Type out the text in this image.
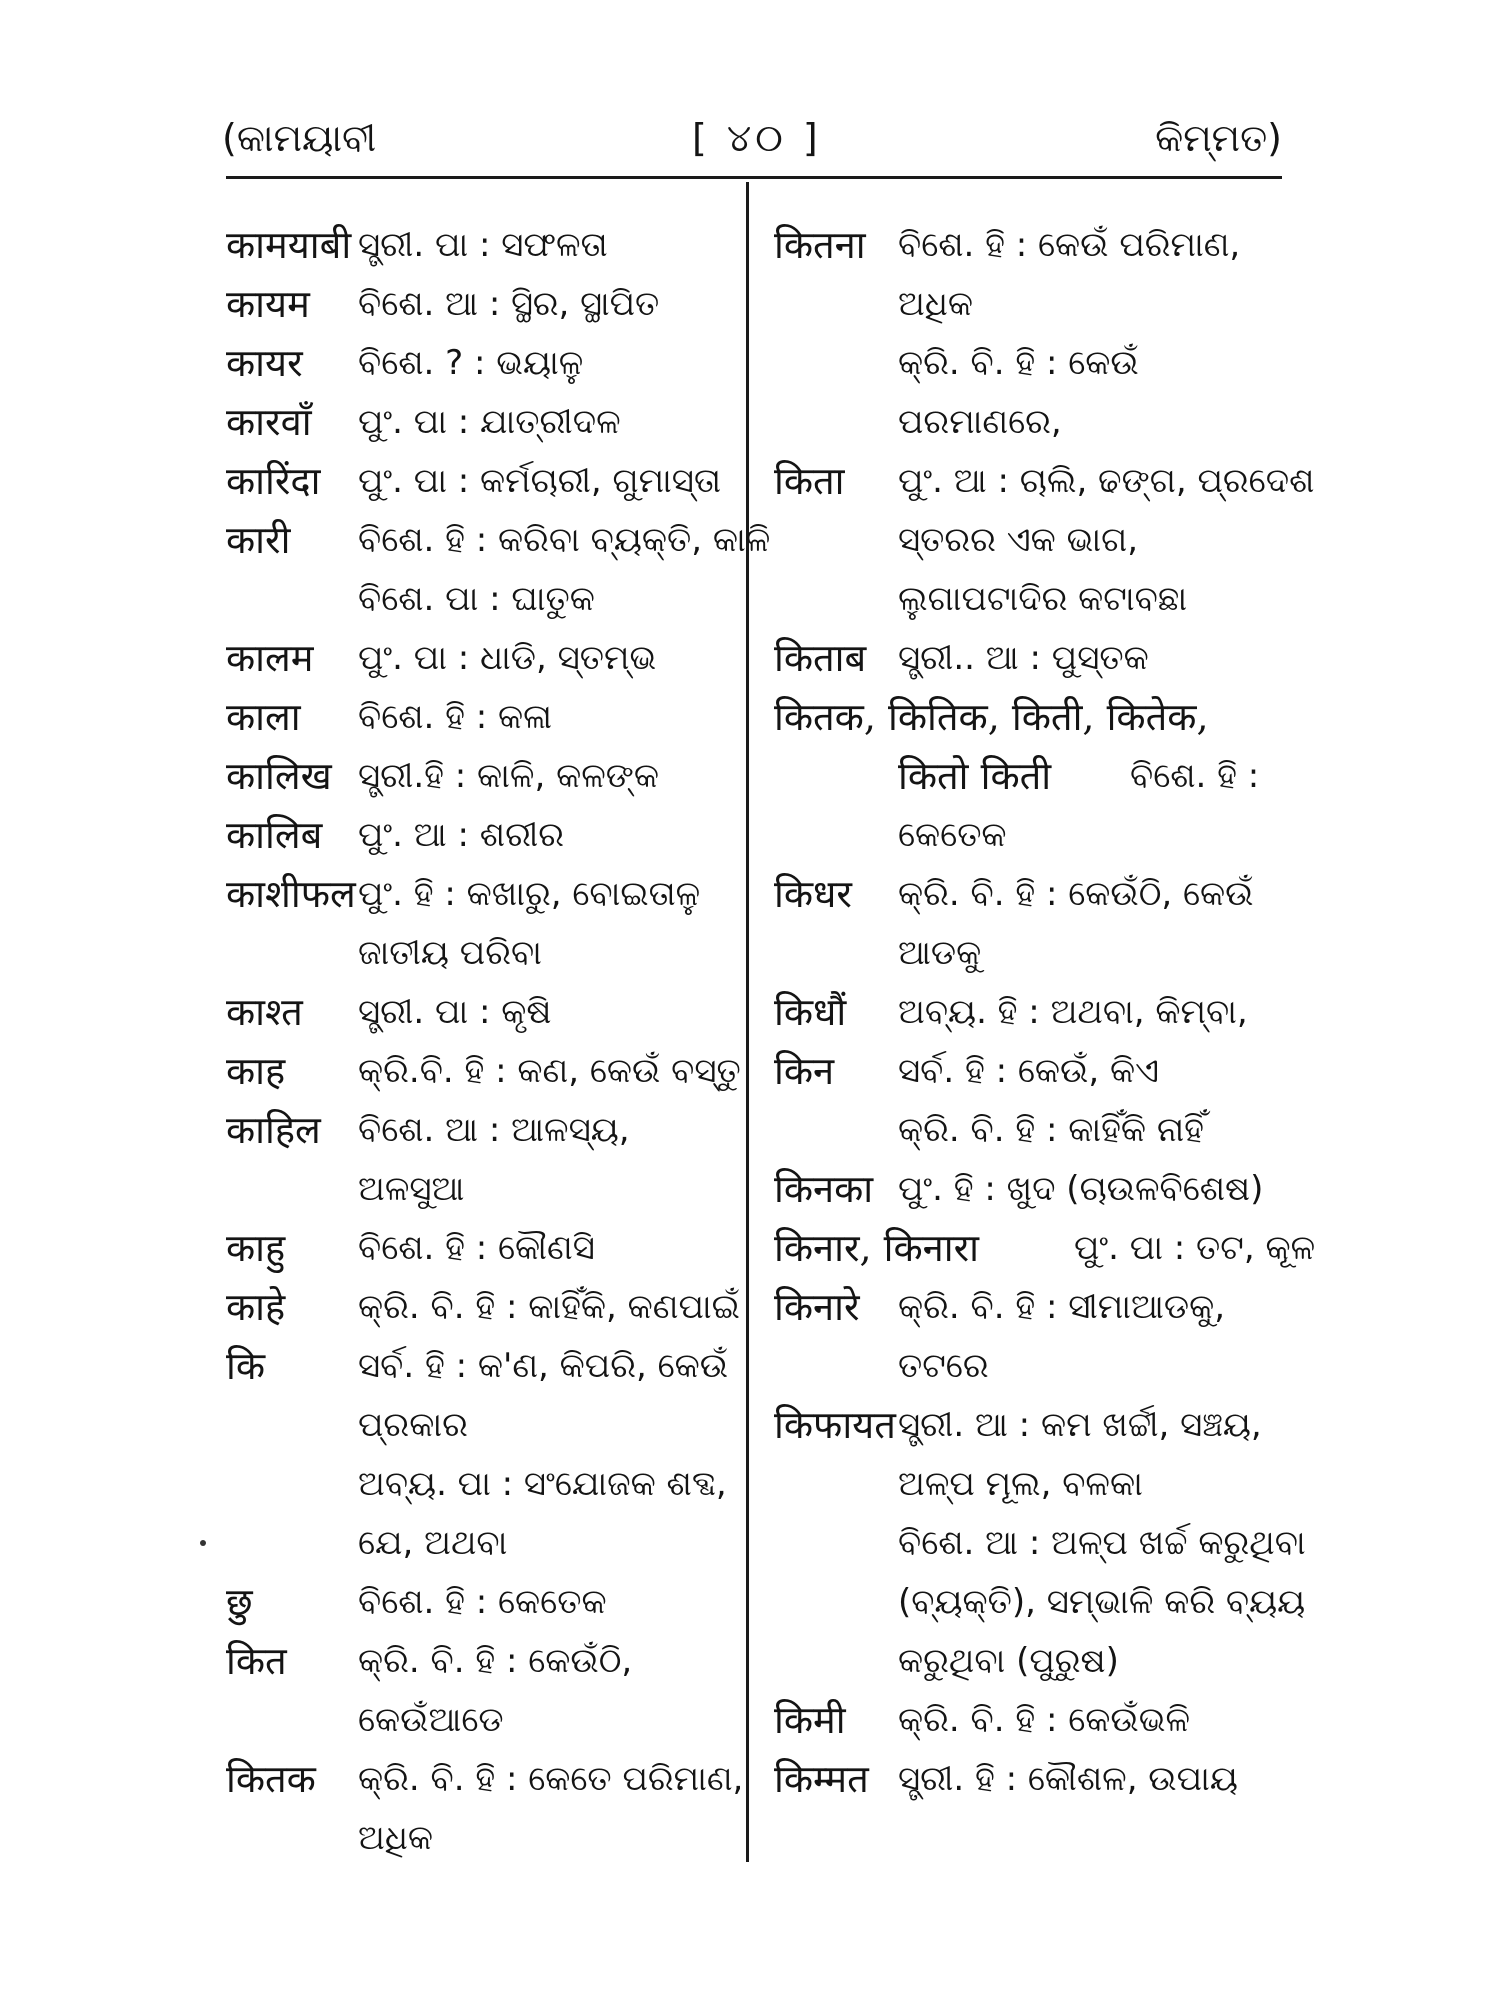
(କାମୟାବୀ	[ ୪୦ ]	କିମ୍ମତ)
कामयाबी ସ୍ତ୍ରୀ. ପା : ସଫଳତା
कायम ବିଶେ. ଆ : ସ୍ଥିର, ସ୍ଥାପିତ
कायर ବିଶେ. ? : ଭୟାଳୁ
कारवाँ ପୁଂ. ପା : ଯାତ୍ରୀଦଳ
कारिंदा ପୁଂ. ପା : କର୍ମଚାରୀ, ଗୁମାସ୍ତା
कारी ବିଶେ. ହି : କରିବା ବ୍ୟକ୍ତି, କାଳି
ବିଶେ. ପା : ଘାତୁକ
कालम ପୁଂ. ପା : ଧାଡି, ସ୍ତମ୍ଭ
काला ବିଶେ. ହି : କଳା
कालिख ସ୍ତ୍ରୀ.ହି : କାଳି, କଳଙ୍କ
कालिब ପୁଂ. ଆ : ଶରୀର
काशीफल ପୁଂ. ହି : କଖାରୁ, ବୋଇତାଳୁ
ଜାତୀୟ ପରିବା
काश्त ସ୍ତ୍ରୀ. ପା : କୃଷି
काह କ୍ରି.ବି. ହି : କଣ, କେଉଁ ବସ୍ତୁ
काहिल ବିଶେ. ଆ : ଆଳସ୍ୟ,
ଅଳସୁଆ
काहु ବିଶେ. ହି : କୌଣସି
काहे କ୍ରି. ବି. ହି : କାହିଁକି, କଣପାଇଁ
कि	ସର୍ବ. ହି : କ'ଣ, କିପରି, କେଉଁ
ପ୍ରକାର
ଅବ୍ୟ. ପା : ସଂଯୋଜକ ଶବ୍ଦ,
ଯେ, ଅଥବା
छु	ବିଶେ. ହି : କେତେକ
कित କ୍ରି. ବି. ହି : କେଉଁଠି,
କେଉଁଆଡେ
कितक କ୍ରି. ବି. ହି : କେତେ ପରିମାଣ,
ଅଧିକ
कितना ବିଶେ. ହି : କେଉଁ ପରିମାଣ,
ଅଧିକ
କ୍ରି. ବି. ହି : କେଉଁ
ପରମାଣରେ,
किता ପୁଂ. ଆ : ଚାଲି, ଢଙ୍ଗ, ପ୍ରଦେଶ
ସ୍ତରର ଏକ ଭାଗ,
ଲୁଗାପଟାଦିର କଟାବଛା
किताब ସ୍ତ୍ରୀ.. ଆ : ପୁସ୍ତକ
कितक, कितिक, किती, कितेक,
कितो किती ବିଶେ. ହି :
କେତେକ
किधर କ୍ରି. ବି. ହି : କେଉଁଠି, କେଉଁ
ଆଡକୁ
किधौं ଅବ୍ୟ. ହି : ଅଥବା, କିମ୍ବା,
किन ସର୍ବ. ହି : କେଉଁ, କିଏ
କ୍ରି. ବି. ହି : କାହିଁକି ନାହିଁ
किनका ପୁଂ. ହି : ଖୁଦ (ଚାଉଳବିଶେଷ)
किनार, किनारा	ପୁଂ. ପା : ତଟ, କୂଳ
किनारे କ୍ରି. ବି. ହି : ସୀମାଆଡକୁ,
ତଟରେ
किफायत ସ୍ତ୍ରୀ. ଆ : କମ ଖର୍ଚ୍ଚୀ, ସଞ୍ଚୟ,
ଅଳ୍ପ ମୂଲ, ବଳକା
ବିଶେ. ଆ : ଅଳ୍ପ ଖର୍ଚ୍ଚ କରୁଥିବା
(ବ୍ୟକ୍ତି), ସମ୍ଭାଳି କରି ବ୍ୟୟ
କରୁଥିବା (ପୁରୁଷ)
किमी କ୍ରି. ବି. ହି : କେଉଁଭଳି
किम्मत ସ୍ତ୍ରୀ. ହି : କୌଶଳ, ଉପାୟ
